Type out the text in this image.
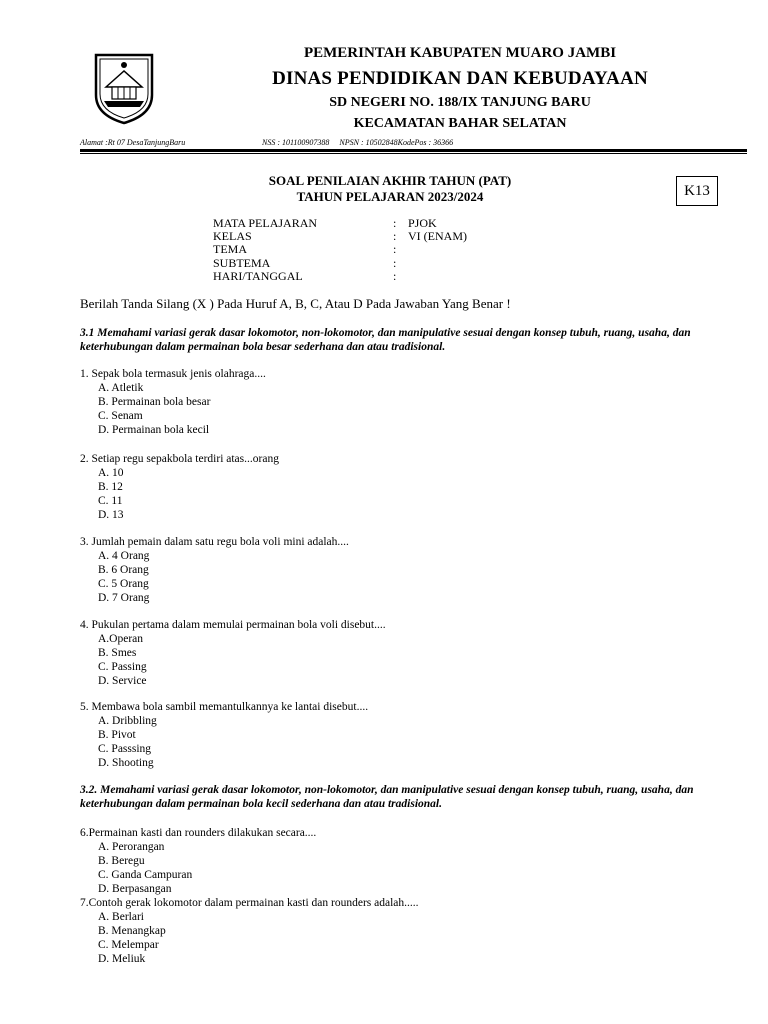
PEMERINTAH KABUPATEN MUARO JAMBI
DINAS PENDIDIKAN DAN KEBUDAYAAN
SD NEGERI NO. 188/IX TANJUNG BARU
KECAMATAN BAHAR SELATAN
Alamat :Rt 07 DesaTanjungBaru	NSS : 101100907388     NPSN : 10502848KodePos : 36366
SOAL PENILAIAN AKHIR TAHUN (PAT)
TAHUN PELAJARAN 2023/2024	K13
MATA PELAJARAN	: PJOK
KELAS	: VI (ENAM)
TEMA	:
SUBTEMA	:
HARI/TANGGAL	:
Berilah Tanda Silang (X ) Pada Huruf A, B, C, Atau D Pada Jawaban Yang Benar !
3.1 Memahami variasi gerak dasar lokomotor, non-lokomotor, dan manipulative sesuai dengan konsep tubuh, ruang, usaha, dan keterhubungan dalam permainan bola besar sederhana dan atau tradisional.
1. Sepak bola termasuk jenis olahraga....
A. Atletik
B. Permainan bola besar
C. Senam
D. Permainan bola kecil
2. Setiap regu sepakbola terdiri atas...orang
A. 10
B. 12
C. 11
D. 13
3. Jumlah pemain dalam satu regu bola voli mini adalah....
A. 4 Orang
B. 6 Orang
C. 5 Orang
D. 7 Orang
4. Pukulan pertama dalam memulai permainan bola voli disebut....
A.Operan
B. Smes
C. Passing
D. Service
5. Membawa bola sambil memantulkannya ke lantai disebut....
A. Dribbling
B. Pivot
C. Passsing
D. Shooting
3.2. Memahami variasi gerak dasar lokomotor, non-lokomotor, dan manipulative sesuai dengan konsep tubuh, ruang, usaha, dan keterhubungan dalam permainan bola kecil sederhana dan atau tradisional.
6.Permainan kasti dan rounders dilakukan secara....
A. Perorangan
B. Beregu
C. Ganda Campuran
D. Berpasangan
7.Contoh gerak lokomotor dalam permainan kasti dan rounders adalah.....
A. Berlari
B. Menangkap
C. Melempar
D. Meliuk
